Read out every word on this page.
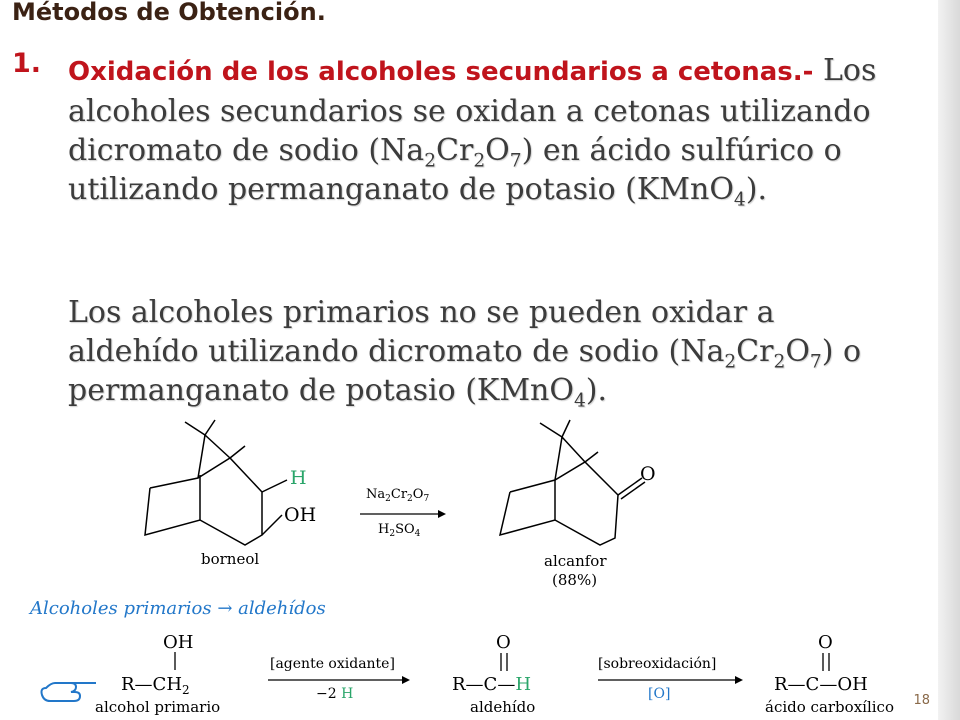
Métodos de Obtención.
1. Oxidación de los alcoholes secundarios a cetonas.- Los alcoholes secundarios se oxidan a cetonas utilizando dicromato de sodio $(Na_2Cr_2O_7)$ en ácido sulfúrico o utilizando permanganato de potasio (KMnO$_4$).
Los alcoholes primarios no se pueden oxidar a aldehído utilizando dicromato de sodio $(Na_2Cr_2O_7)$ o permanganato de potasio (KMnO$_4$).
H
OH
borneol
$Na_2Cr_2O_7$
$H_2SO_4$
O
alcanfor
(88%)
Alcoholes primarios → aldehídos
OH
$R—CH_2$
alcohol primario
[agente oxidante]
−2 H
O
R—C—H
aldehído
[sobreoxidación]
[O]
O
R—C—OH
ácido carboxílico 18
